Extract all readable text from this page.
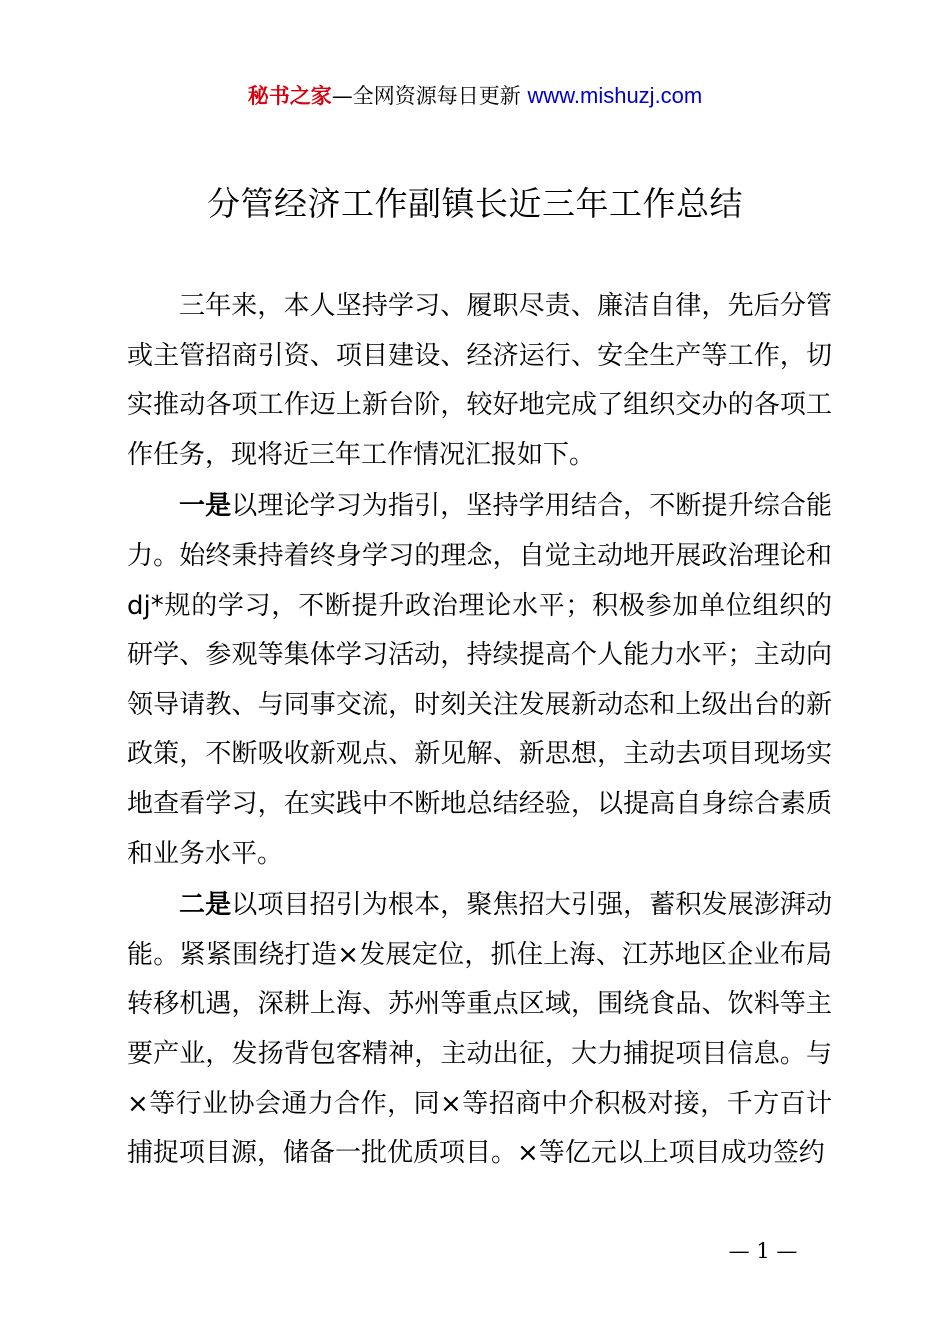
秘书之家—全网资源每日更新 www.mishuzj.com
分管经济工作副镇长近三年工作总结

三年来，本人坚持学习、履职尽责、廉洁自律，先后分管或主管招商引资、项目建设、经济运行、安全生产等工作，切实推动各项工作迈上新台阶，较好地完成了组织交办的各项工作任务，现将近三年工作情况汇报如下。

一是以理论学习为指引，坚持学用结合，不断提升综合能力。始终秉持着终身学习的理念，自觉主动地开展政治理论和dj*规的学习，不断提升政治理论水平；积极参加单位组织的研学、参观等集体学习活动，持续提高个人能力水平；主动向领导请教、与同事交流，时刻关注发展新动态和上级出台的新政策，不断吸收新观点、新见解、新思想，主动去项目现场实地查看学习，在实践中不断地总结经验，以提高自身综合素质和业务水平。

二是以项目招引为根本，聚焦招大引强，蓄积发展澎湃动能。紧紧围绕打造×发展定位，抓住上海、江苏地区企业布局转移机遇，深耕上海、苏州等重点区域，围绕食品、饮料等主要产业，发扬背包客精神，主动出征，大力捕捉项目信息。与×等行业协会通力合作，同×等招商中介积极对接，千方百计捕捉项目源，储备一批优质项目。×等亿元以上项目成功签约

— 1 —
